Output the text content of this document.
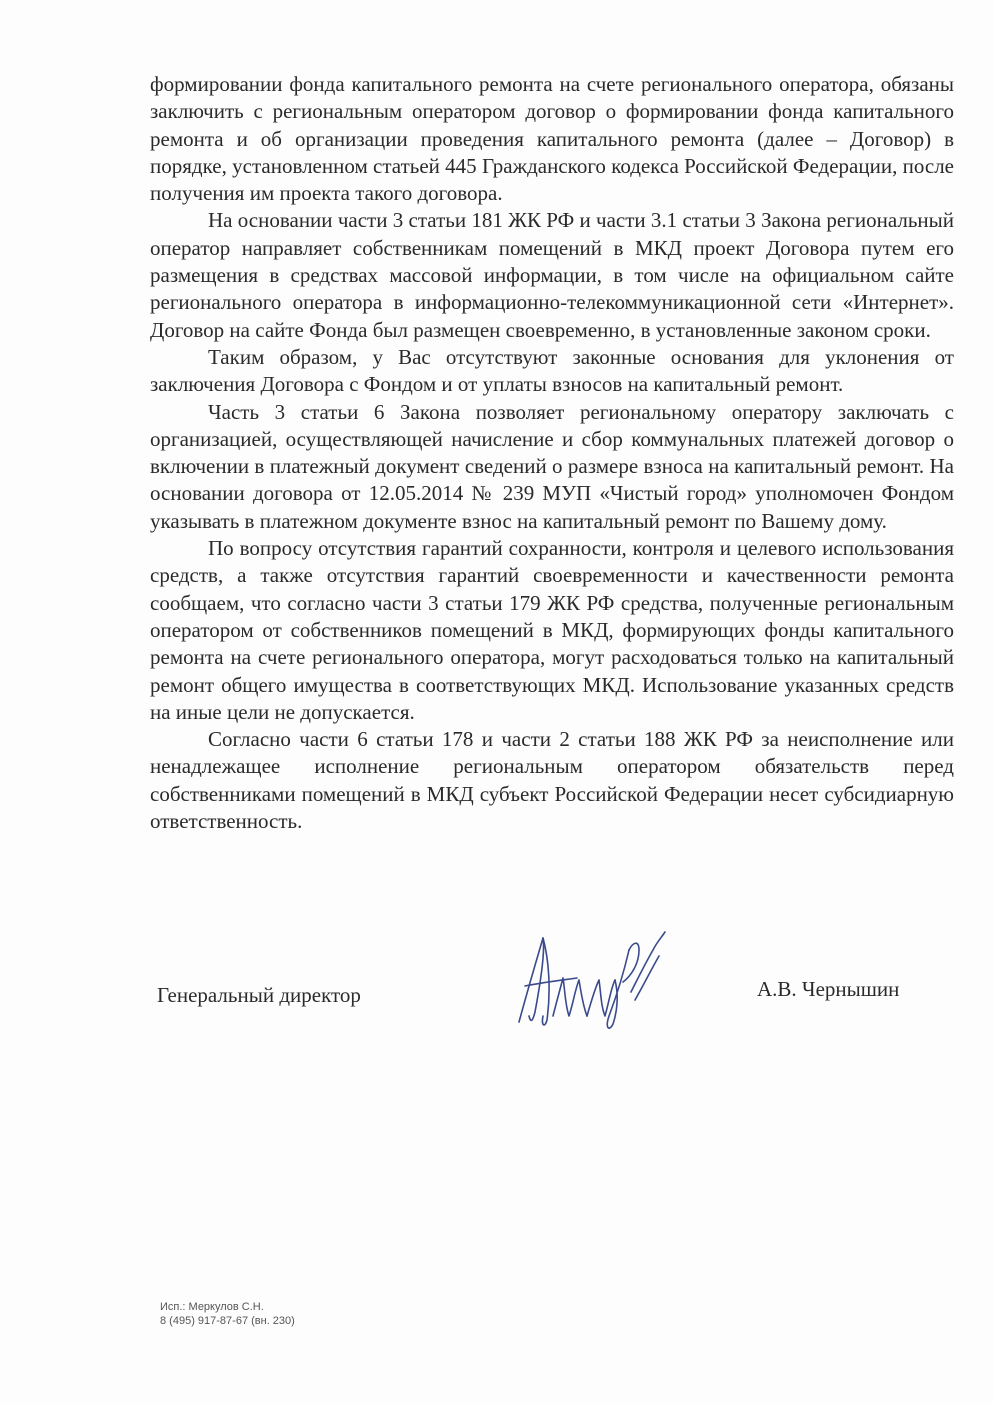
формировании фонда капитального ремонта на счете регионального оператора, обязаны заключить с региональным оператором договор о формировании фонда капитального ремонта и об организации проведения капитального ремонта (далее – Договор) в порядке, установленном статьей 445 Гражданского кодекса Российской Федерации, после получения им проекта такого договора.

На основании части 3 статьи 181 ЖК РФ и части 3.1 статьи 3 Закона региональный оператор направляет собственникам помещений в МКД проект Договора путем его размещения в средствах массовой информации, в том числе на официальном сайте регионального оператора в информационно-телекоммуникационной сети «Интернет». Договор на сайте Фонда был размещен своевременно, в установленные законом сроки.

Таким образом, у Вас отсутствуют законные основания для уклонения от заключения Договора с Фондом и от уплаты взносов на капитальный ремонт.

Часть 3 статьи 6 Закона позволяет региональному оператору заключать с организацией, осуществляющей начисление и сбор коммунальных платежей договор о включении в платежный документ сведений о размере взноса на капитальный ремонт. На основании договора от 12.05.2014 № 239 МУП «Чистый город» уполномочен Фондом указывать в платежном документе взнос на капитальный ремонт по Вашему дому.

По вопросу отсутствия гарантий сохранности, контроля и целевого использования средств, а также отсутствия гарантий своевременности и качественности ремонта сообщаем, что согласно части 3 статьи 179 ЖК РФ средства, полученные региональным оператором от собственников помещений в МКД, формирующих фонды капитального ремонта на счете регионального оператора, могут расходоваться только на капитальный ремонт общего имущества в соответствующих МКД. Использование указанных средств на иные цели не допускается.

Согласно части 6 статьи 178 и части 2 статьи 188 ЖК РФ за неисполнение или ненадлежащее исполнение региональным оператором обязательств перед собственниками помещений в МКД субъект Российской Федерации несет субсидиарную ответственность.

Генеральный директор	А.В. Чернышин
Исп.: Меркулов С.Н.
8 (495) 917-87-67 (вн. 230)
